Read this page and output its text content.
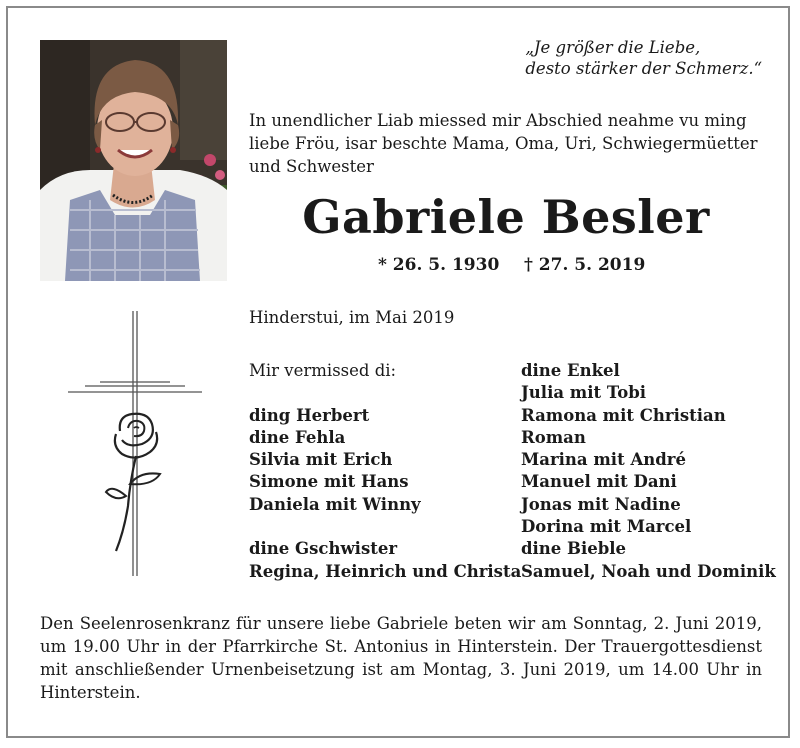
„Je größer die Liebe,
desto stärker der Schmerz.“
In unendlicher Liab miessed mir Abschied neahme vu ming liebe Fröu, isar beschte Mama, Oma, Uri, Schwiegermüetter und Schwester
Gabriele Besler
* 26. 5. 1930 † 27. 5. 2019
Hinderstui, im Mai 2019
Mir vermissed di:
ding Herbert
dine Fehla
Silvia mit Erich
Simone mit Hans
Daniela mit Winny
dine Gschwister
Regina, Heinrich und Christa
dine Enkel
Julia mit Tobi
Ramona mit Christian
Roman
Marina mit André
Manuel mit Dani
Jonas mit Nadine
Dorina mit Marcel
dine Bieble
Samuel, Noah und Dominik
Den Seelenrosenkranz für unsere liebe Gabriele beten wir am Sonntag, 2. Juni 2019, um 19.00 Uhr in der Pfarrkirche St. Antonius in Hinterstein. Der Trauergottesdienst mit anschließender Urnenbeisetzung ist am Montag, 3. Juni 2019, um 14.00 Uhr in Hinterstein.
